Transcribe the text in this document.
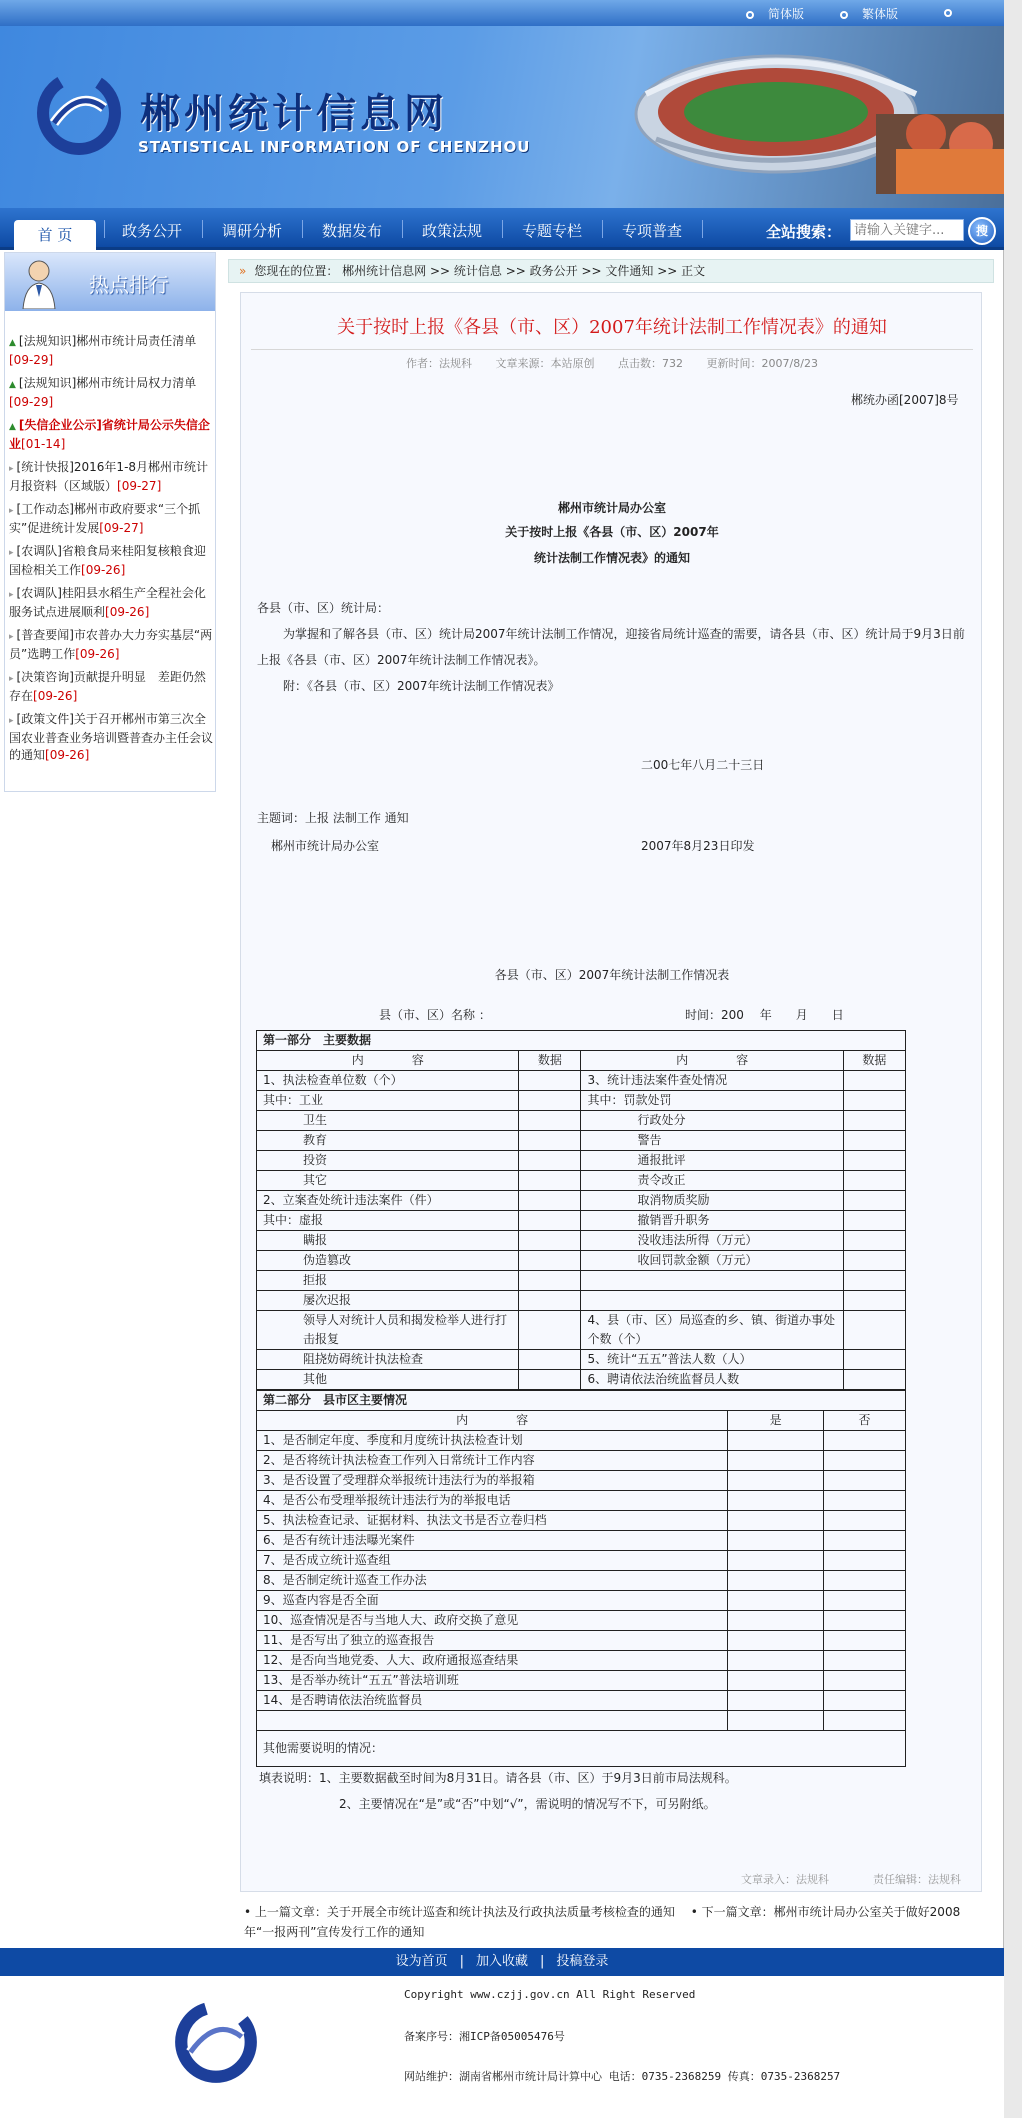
简体版	繁体版
郴州统计信息网
STATISTICAL INFORMATION OF CHENZHOU
首 页	政务公开	调研分析	数据发布	政策法规	专题专栏	专项普查	全站搜索：
请输入关键字...	搜
热点排行
▲ [法规知识]郴州市统计局责任清单[09-29]
▲ [法规知识]郴州市统计局权力清单[09-29]
▲ [失信企业公示]省统计局公示失信企业[01-14]
▸ [统计快报]2016年1-8月郴州市统计月报资料（区域版）[09-27]
▸ [工作动态]郴州市政府要求“三个抓实”促进统计发展[09-27]
▸ [农调队]省粮食局来桂阳复核粮食迎国检相关工作[09-26]
▸ [农调队]桂阳县水稻生产全程社会化服务试点进展顺利[09-26]
▸ [普查要闻]市农普办大力夯实基层“两员”选聘工作[09-26]
▸ [决策咨询]贡献提升明显　差距仍然存在[09-26]
▸ [政策文件]关于召开郴州市第三次全国农业普查业务培训暨普查办主任会议的通知[09-26]
» 您现在的位置： 郴州统计信息网 >> 统计信息 >> 政务公开 >> 文件通知 >> 正文
关于按时上报《各县（市、区）2007年统计法制工作情况表》的通知
作者：法规科 文章来源：本站原创 点击数：732 更新时间：2007/8/23
郴统办函[2007]8号
郴州市统计局办公室
关于按时上报《各县（市、区）2007年
统计法制工作情况表》的通知
各县（市、区）统计局：
为掌握和了解各县（市、区）统计局2007年统计法制工作情况，迎接省局统计巡查的需要，请各县（市、区）统计局于9月3日前上报《各县（市、区）2007年统计法制工作情况表》。
附：《各县（市、区）2007年统计法制工作情况表》
二00七年八月二十三日
主题词：上报 法制工作 通知
郴州市统计局办公室	2007年8月23日印发
各县（市、区）2007年统计法制工作情况表
县（市、区）名称 ：	时间：200　 年　　月　　日
第一部分　主要数据			
内　　　　容	数据	内　　　　容	数据
1、执法检查单位数（个）		3、统计违法案件查处情况	
其中：工业		其中：罚款处罚	
卫生		行政处分	
教育		警告	
投资		通报批评	
其它		责令改正	
2、立案查处统计违法案件（件）		取消物质奖励	
其中：虚报		撤销晋升职务	
瞒报		没收违法所得（万元）	
伪造篡改		收回罚款金额（万元）	
拒报			
屡次迟报			
领导人对统计人员和揭发检举人进行打击报复		4、县（市、区）局巡查的乡、镇、街道办事处个数（个）	
阻挠妨碍统计执法检查		5、统计“五五”普法人数（人）	
其他		6、聘请依法治统监督员人数	
第二部分　县市区主要情况		
内　　　　容	是	否
1、是否制定年度、季度和月度统计执法检查计划		
2、是否将统计执法检查工作列入日常统计工作内容		
3、是否设置了受理群众举报统计违法行为的举报箱		
4、是否公布受理举报统计违法行为的举报电话		
5、执法检查记录、证据材料、执法文书是否立卷归档		
6、是否有统计违法曝光案件		
7、是否成立统计巡查组		
8、是否制定统计巡查工作办法		
9、巡查内容是否全面		
10、巡查情况是否与当地人大、政府交换了意见		
11、是否写出了独立的巡查报告		
12、是否向当地党委、人大、政府通报巡查结果		
13、是否举办统计“五五”普法培训班		
14、是否聘请依法治统监督员		

其他需要说明的情况：		
填表说明：1、主要数据截至时间为8月31日。请各县（市、区）于9月3日前市局法规科。
2、主要情况在“是”或“否”中划“√”，需说明的情况写不下，可另附纸。
文章录入：法规科　　　　责任编辑：法规科
• 上一篇文章：关于开展全市统计巡查和统计执法及行政执法质量考核检查的通知 　• 下一篇文章：郴州市统计局办公室关于做好2008年“一报两刊”宣传发行工作的通知
设为首页 | 加入收藏 | 投稿登录
Copyright www.czjj.gov.cn All Right Reserved
备案序号：湘ICP备05005476号
网站维护：湖南省郴州市统计局计算中心 电话：0735-2368259 传真：0735-2368257
